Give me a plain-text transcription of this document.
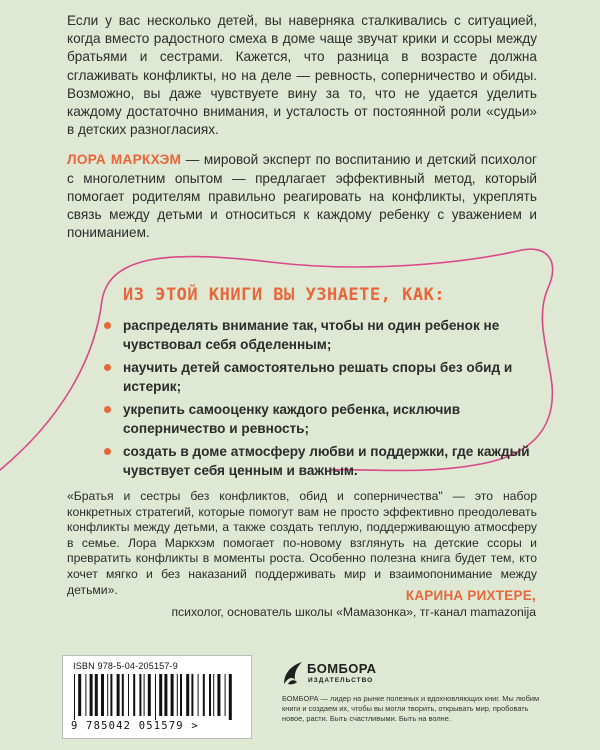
Если у вас несколько детей, вы наверняка сталкивались с ситуацией, когда вместо радостного смеха в доме чаще звучат крики и ссоры между братьями и сестрами. Кажется, что разница в возрасте должна сглаживать конфликты, но на деле — ревность, соперничество и обиды. Возможно, вы даже чувствуете вину за то, что не удается уделить каждому достаточно внимания, и усталость от постоянной роли «судьи» в детских разногласиях.

ЛОРА МАРКХЭМ — мировой эксперт по воспитанию и детский психолог с многолетним опытом — предлагает эффективный метод, который помогает родителям правильно реагировать на конфликты, укреплять связь между детьми и относиться к каждому ребенку с уважением и пониманием.

ИЗ ЭТОЙ КНИГИ ВЫ УЗНАЕТЕ, КАК:
распределять внимание так, чтобы ни один ребенок не чувствовал себя обделенным;
научить детей самостоятельно решать споры без обид и истерик;
укрепить самооценку каждого ребенка, исключив соперничество и ревность;
создать в доме атмосферу любви и поддержки, где каждый чувствует себя ценным и важным.
«Братья и сестры без конфликтов, обид и соперничества" — это набор конкретных стратегий, которые помогут вам не просто эффективно преодолевать конфликты между детьми, а также создать теплую, поддерживающую атмосферу в семье. Лора Маркхэм помогает по-новому взглянуть на детские ссоры и превратить конфликты в моменты роста. Особенно полезна книга будет тем, кто хочет мягко и без наказаний поддерживать мир и взаимопонимание между детьми».	КАРИНА РИХТЕРЕ,
психолог, основатель школы «Мамазонка», тг-канал mamazonija
ISBN 978-5-04-205157-9
9 785042 051579 >
БОМБОРА
ИЗДАТЕЛЬСТВО
БОМБОРА — лидер на рынке полезных и вдохновляющих книг. Мы любим книги и создаем их, чтобы вы могли творить, открывать мир, пробовать новое, расти. Быть счастливыми. Быть на волне.
